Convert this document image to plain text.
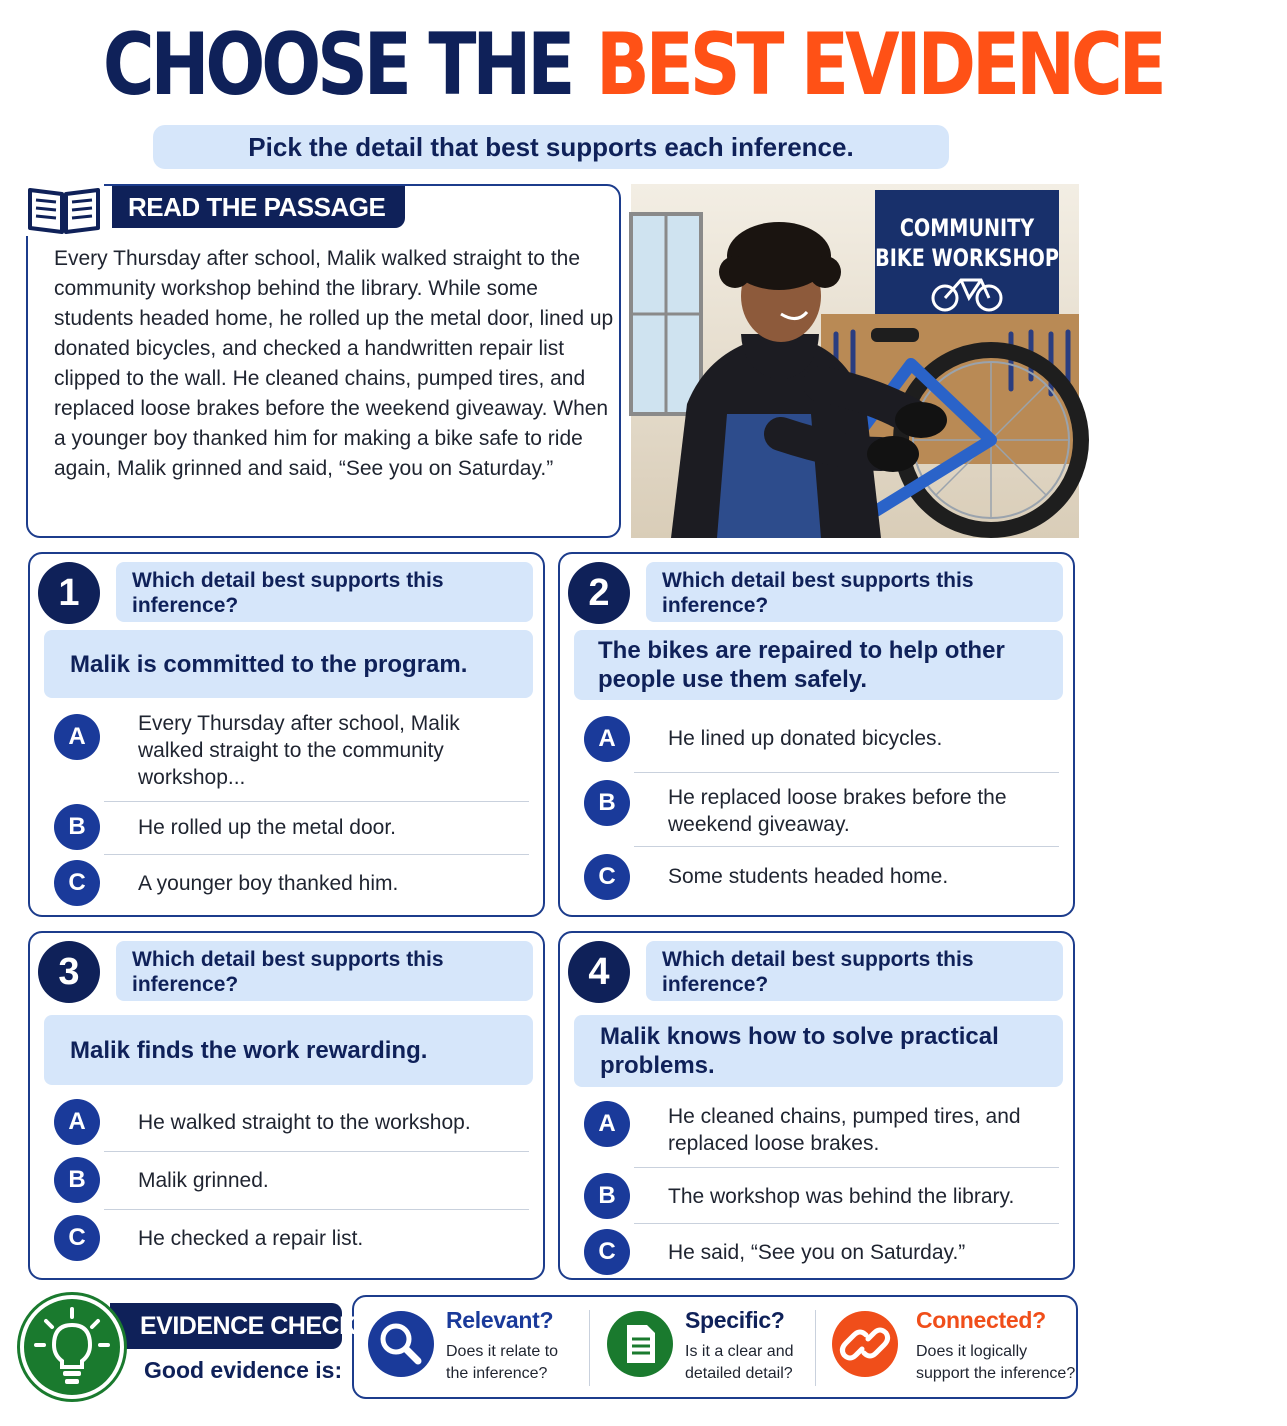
CHOOSE THE BEST EVIDENCE
Pick the detail that best supports each inference.
READ THE PASSAGE
Every Thursday after school, Malik walked straight to the community workshop behind the library. While some students headed home, he rolled up the metal door, lined up donated bicycles, and checked a handwritten repair list clipped to the wall. He cleaned chains, pumped tires, and replaced loose brakes before the weekend giveaway. When a younger boy thanked him for making a bike safe to ride again, Malik grinned and said, “See you on Saturday.”
COMMUNITY
BIKE WORKSHOP
1	Which detail best supports this inference?
Malik is committed to the program.
A	Every Thursday after school, Malik walked straight to the community workshop...
B	He rolled up the metal door.
C	A younger boy thanked him.
2	Which detail best supports this inference?
The bikes are repaired to help other people use them safely.
A	He lined up donated bicycles.
B	He replaced loose brakes before the weekend giveaway.
C	Some students headed home.
3	Which detail best supports this inference?
Malik finds the work rewarding.
A	He walked straight to the workshop.
B	Malik grinned.
C	He checked a repair list.
4	Which detail best supports this inference?
Malik knows how to solve practical problems.
A	He cleaned chains, pumped tires, and replaced loose brakes.
B	The workshop was behind the library.
C	He said, “See you on Saturday.”
EVIDENCE CHECK
Good evidence is:
Relevant?
Does it relate to
the inference?
Specific?
Is it a clear and
detailed detail?
Connected?
Does it logically
support the inference?
